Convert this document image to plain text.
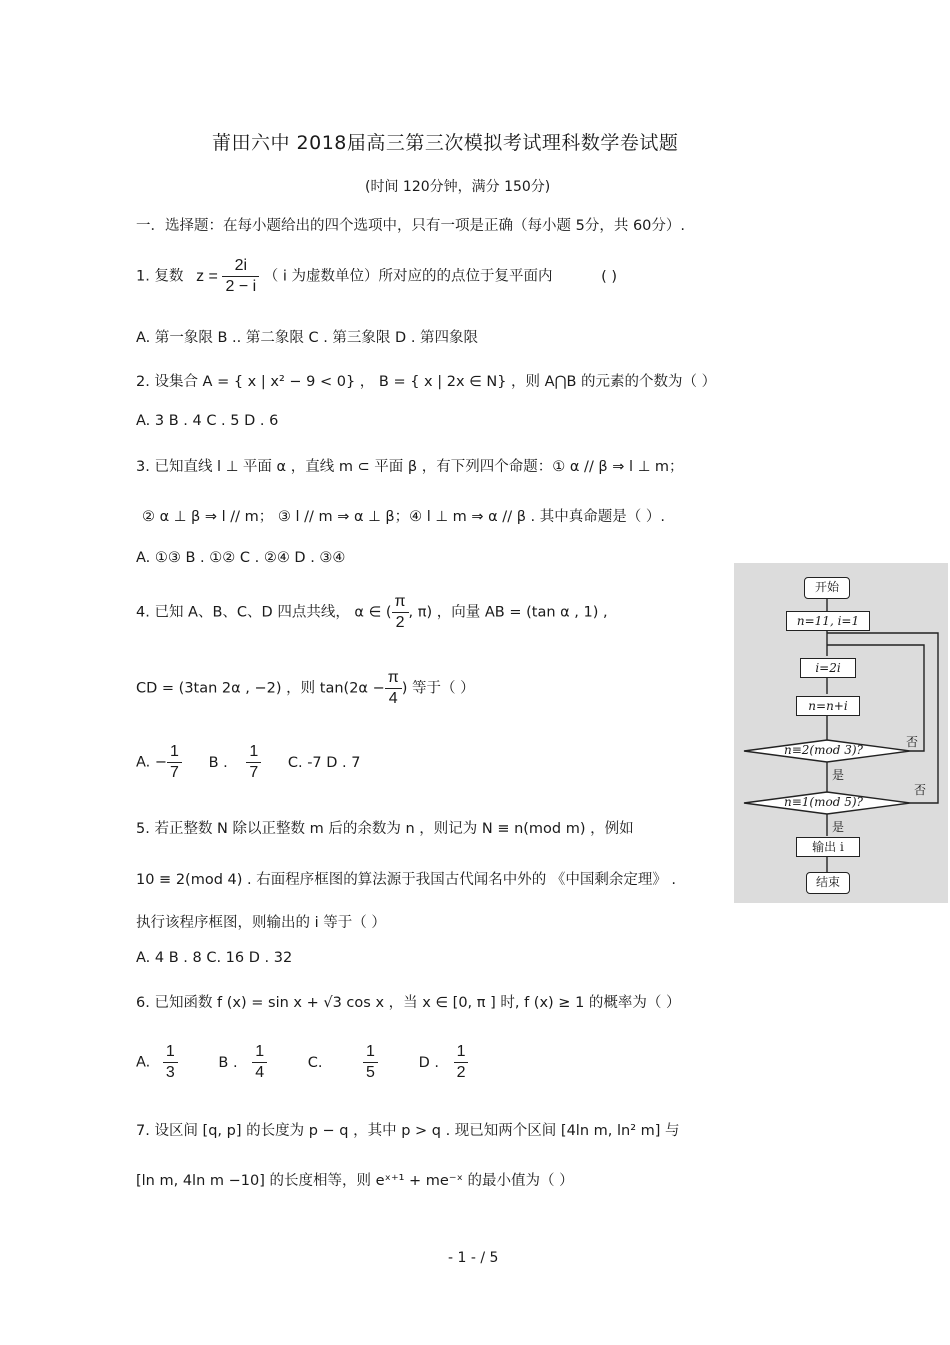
莆田六中 2018届高三第三次模拟考试理科数学卷试题
(时间 120分钟，满分 150分)
一．选择题：在每小题给出的四个选项中，只有一项是正确（每小题 5分，共 60分）.
1. 复数 $z = \frac{2i}{2 - i}$ （ i 为虚数单位）所对应的的点位于复平面内	( )
A. 第一象限 B .. 第二象限 C . 第三象限 D . 第四象限
2. 设集合 A = { x | x² − 9 < 0} ， B = { x | 2x ∈ N} ，则 A⋂B 的元素的个数为（ ）
A. 3 B . 4 C . 5 D . 6
3. 已知直线 l ⊥ 平面 α ，直线 m ⊂ 平面 β ，有下列四个命题：① α // β ⇒ l ⊥ m；
② α ⊥ β ⇒ l // m； ③ l // m ⇒ α ⊥ β；④ l ⊥ m ⇒ α // β . 其中真命题是（ ）.
A. ①③ B . ①② C . ②④ D . ③④
4. 已知 A、B、C、D 四点共线， α ∈ ( $\frac{\pi}{2}$ , π) ，向量 AB = (tan α , 1) ,
CD = (3tan 2α , −2) ，则 $\tan(2\alpha - \frac{\pi}{4}$ ) 等于（ ）
A. − $\frac{1}{7}$ B . $\frac{1}{7} C$. -7 D . 7
5. 若正整数 N 除以正整数 m 后的余数为 n ，则记为 N ≡ n(mod m) ，例如
10 ≡ 2(mod 4) . 右面程序框图的算法源于我国古代闻名中外的 《中国剩余定理》 .
执行该程序框图，则输出的 i 等于（ ）
A. 4 B . 8 C. 16 D . 32
6. 已知函数 f (x) = sin x + √3 cos x ，当 x ∈ [0, π ] 时, f (x) ≥ 1 的概率为（ ）
A. $\frac{1}{3}$	B . $\frac{1}{4}$	C.	$\frac{1}{5}$	D . $\frac{1}{2}$
7. 设区间 [q, p] 的长度为 p − q ，其中 p > q . 现已知两个区间 [4ln m, ln² m] 与
[ln m, 4ln m −10] 的长度相等，则 eˣ⁺¹ + me⁻ˣ 的最小值为（ ）
开始
n=11, i=1
i=2i
n=n+i
n≡2(mod 3)?
n≡1(mod 5)?
是
是
否
否
输出 i
结束
- 1 - / 5
